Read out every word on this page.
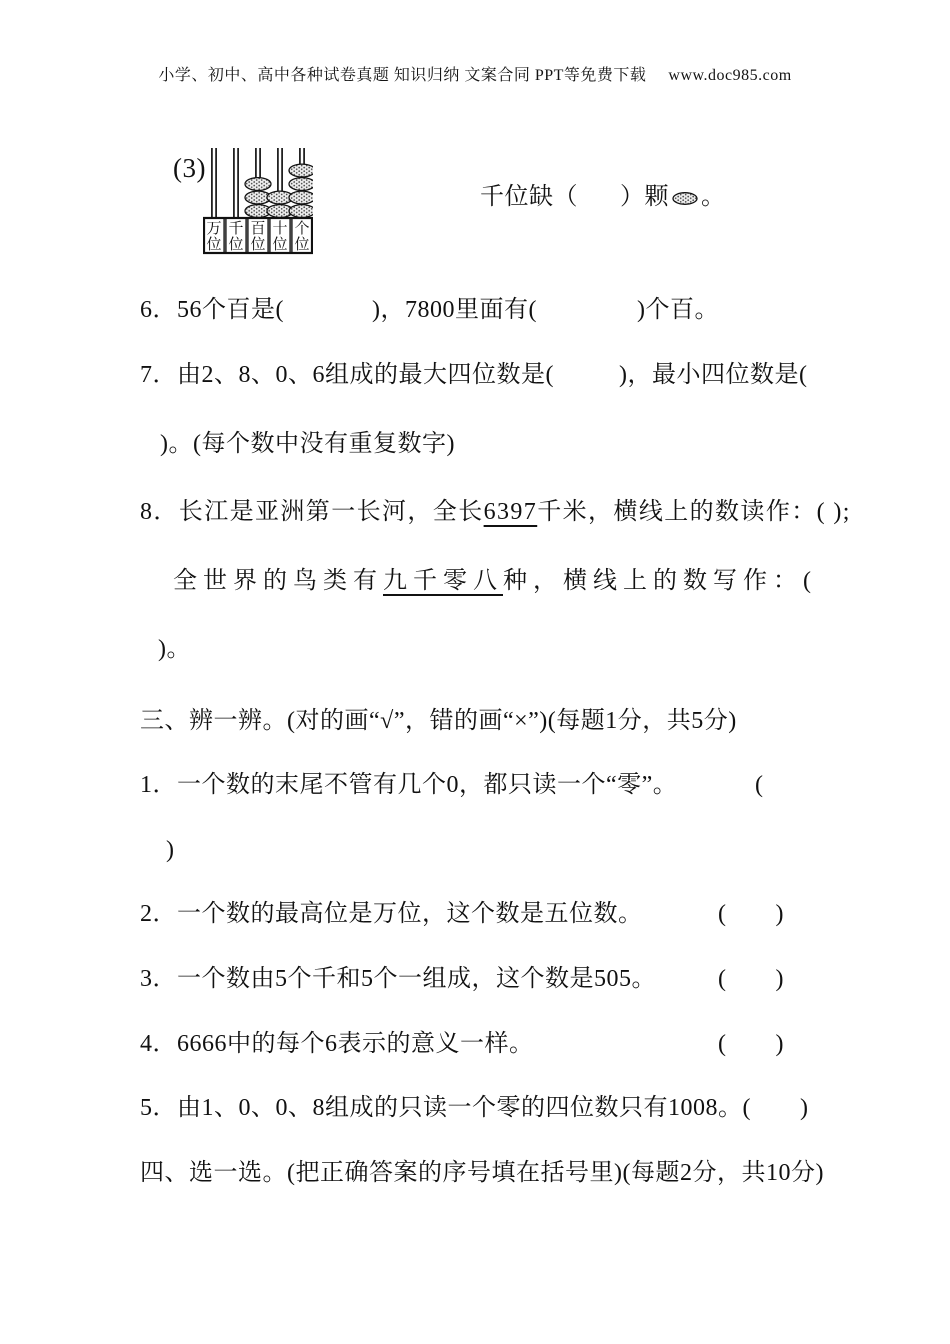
小学、初中、高中各种试卷真题 知识归纳 文案合同 PPT等免费下载 www.doc985.com
(3)
万
位
千
位
百
位
十
位
个
位
千位缺（ ）颗 。
6．56个百是(	)，7800里面有(	)个百。
7．由2、8、0、6组成的最大四位数是(	)，最小四位数是(
)。(每个数中没有重复数字)
8．长江是亚洲第一长河，全长6397千米，横线上的数读作：( );
全世界的鸟类有九千零八种，横线上的数写作：(
)。
三、辨一辨。(对的画“√”，错的画“×”)(每题1分，共5分)
1．一个数的末尾不管有几个0，都只读一个“零”。	(
)
2．一个数的最高位是万位，这个数是五位数。	(　　)
3．一个数由5个千和5个一组成，这个数是505。	(　　)
4．6666中的每个6表示的意义一样。	(　　)
5．由1、0、0、8组成的只读一个零的四位数只有1008。(　　)
四、选一选。(把正确答案的序号填在括号里)(每题2分，共10分)
